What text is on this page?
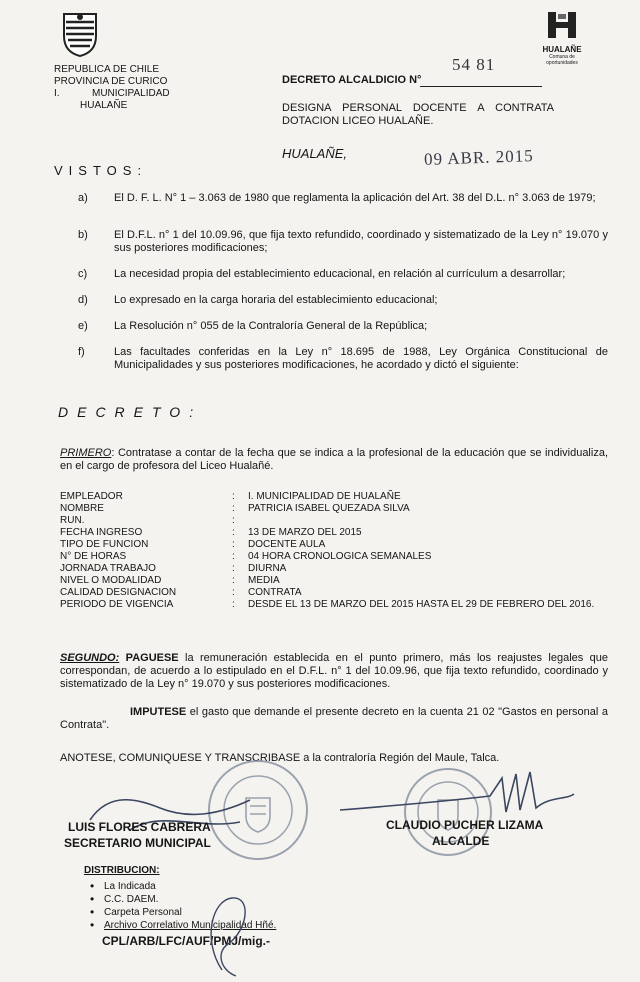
REPUBLICA DE CHILE
PROVINCIA DE CURICO
I.	MUNICIPALIDAD
HUALAÑE
HUALAÑE
Comuna de oportunidades
DECRETO ALCALDICIO N°
54 81
DESIGNA PERSONAL DOCENTE A CONTRATA
DOTACION LICEO HUALAÑE.
HUALAÑE,	09 ABR. 2015
VISTOS:
a) El D. F. L. N° 1 – 3.063 de 1980 que reglamenta la aplicación del Art. 38 del D.L. n° 3.063 de 1979;
b) El D.F.L. n° 1 del 10.09.96, que fija texto refundido, coordinado y sistematizado de la Ley n° 19.070 y sus posteriores modificaciones;
c) La necesidad propia del establecimiento educacional, en relación al currículum a desarrollar;
d) Lo expresado en la carga horaria del establecimiento educacional;
e) La Resolución n° 055 de la Contraloría General de la República;
f)	Las facultades conferidas en la Ley n° 18.695 de 1988, Ley Orgánica Constitucional de Municipalidades y sus posteriores modificaciones, he acordado y dictó el siguiente:
DECRETO:
PRIMERO: Contratase a contar de la fecha que se indica a la profesional de la educación que se individualiza, en el cargo de profesora del Liceo Hualañé.
EMPLEADOR	:	I. MUNICIPALIDAD DE HUALAÑE
NOMBRE	:	PATRICIA ISABEL QUEZADA SILVA
RUN.	:	
FECHA INGRESO	:	13 DE MARZO DEL 2015
TIPO DE FUNCION	:	DOCENTE AULA
N° DE HORAS	:	04 HORA CRONOLOGICA SEMANALES
JORNADA TRABAJO	:	DIURNA
NIVEL O MODALIDAD	:	MEDIA
CALIDAD DESIGNACION	:	CONTRATA
PERIODO DE VIGENCIA	:	DESDE EL 13 DE MARZO DEL 2015 HASTA EL 29 DE FEBRERO DEL 2016.
SEGUNDO: PAGUESE la remuneración establecida en el punto primero, más los reajustes legales que correspondan, de acuerdo a lo estipulado en el D.F.L. n° 1 del 10.09.96, que fija texto refundido, coordinado y sistematizado de la Ley n° 19.070 y sus posteriores modificaciones.
IMPUTESE el gasto que demande el presente decreto en la cuenta 21 02 "Gastos en personal a Contrata".
ANOTESE, COMUNIQUESE Y TRANSCRIBASE a la contraloría Región del Maule, Talca.
LUIS FLORES CABRERA
SECRETARIO MUNICIPAL
CLAUDIO PUCHER LIZAMA
ALCALDE
DISTRIBUCION:
• La Indicada
• C.C. DAEM.
• Carpeta Personal
• Archivo Correlativo Municipalidad Hñé.
CPL/ARB/LFC/AUF/PMJ/mig.-
